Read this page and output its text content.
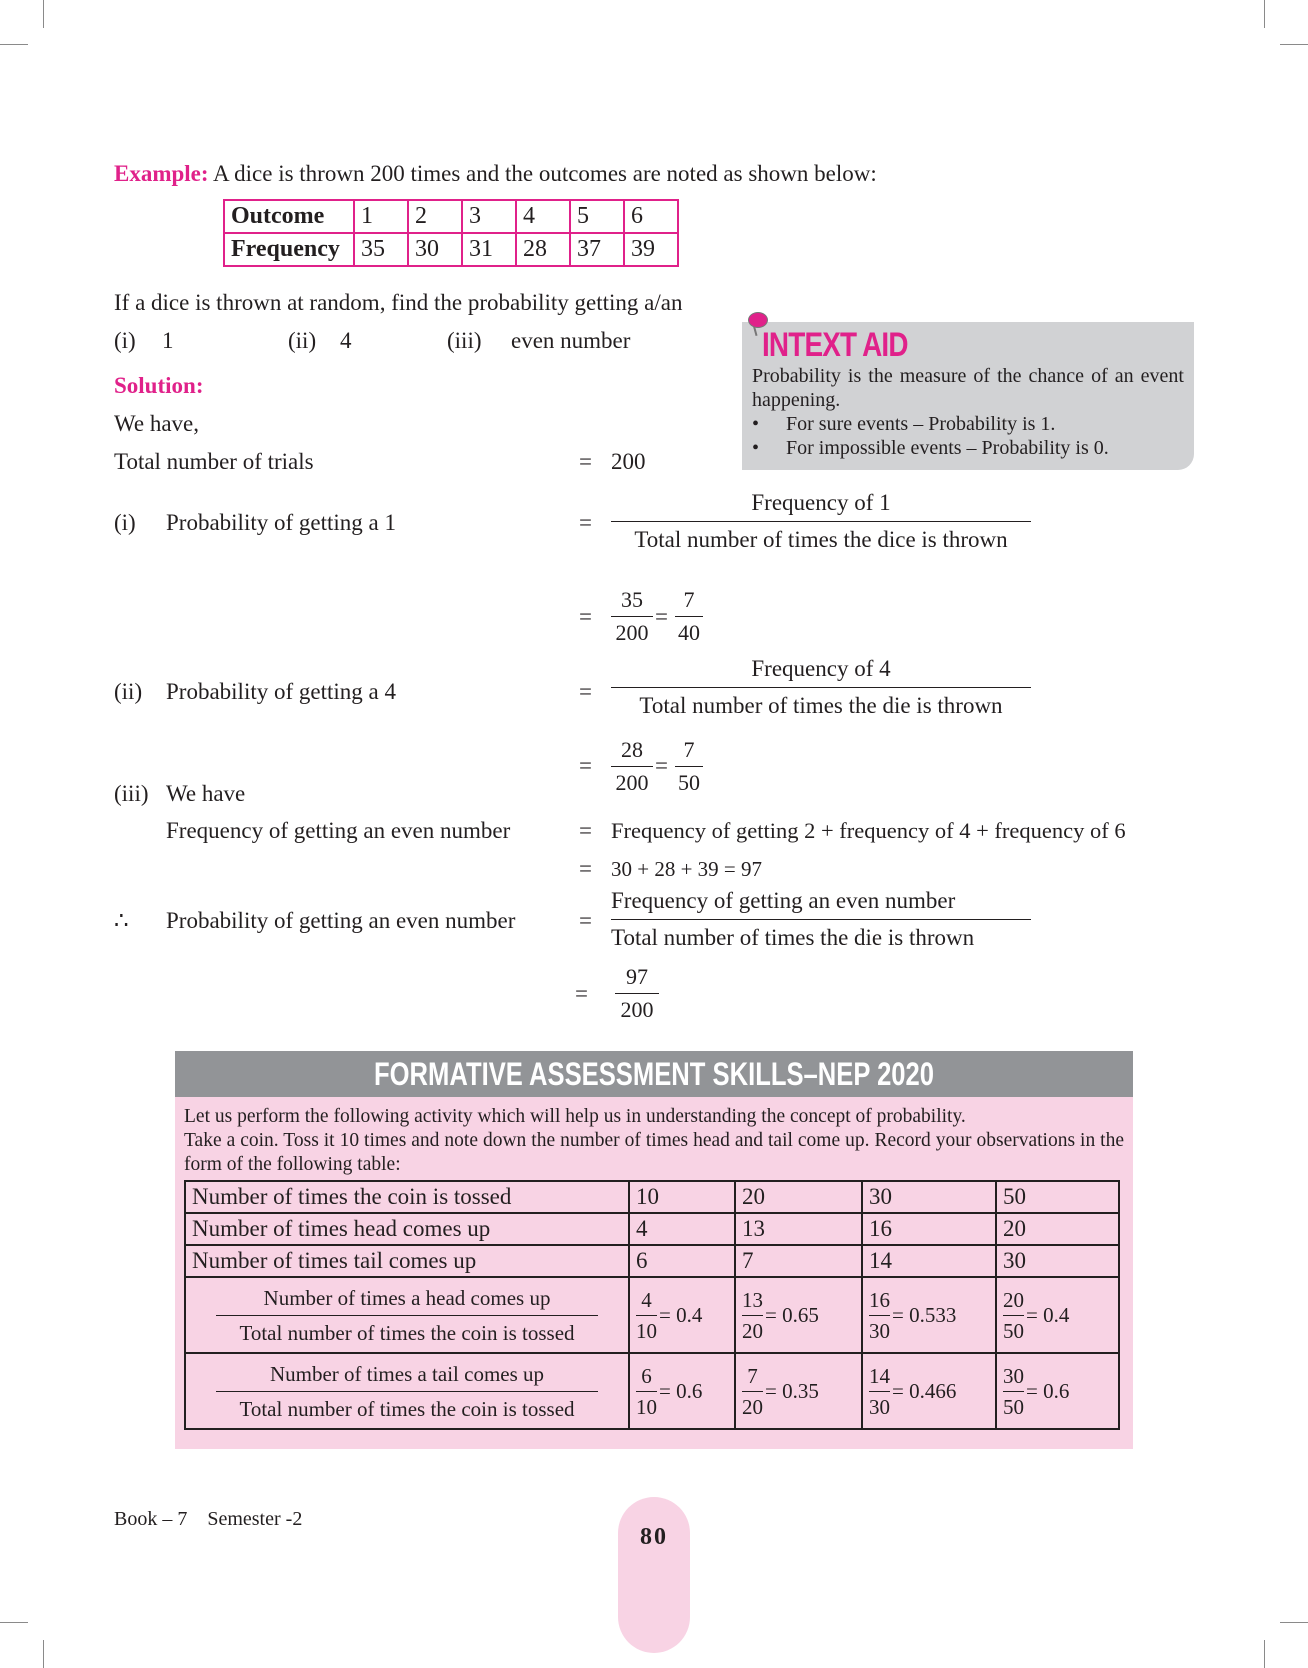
Example: A dice is thrown 200 times and the outcomes are noted as shown below:
Outcome	1	2	3	4	5	6
Frequency	35	30	31	28	37	39
If a dice is thrown at random, find the probability getting a/an
(i) 1	(ii) 4	(iii) even number	INTEXT AID
Probability is the measure of the chance of an event happening.
• For sure events – Probability is 1.
• For impossible events – Probability is 0.
Solution:
We have,
Total number of trials	= 200
(i) Probability of getting a 1	=
Frequency of 1
Total number of times the dice is thrown
=
35
200
=
7
40
(ii) Probability of getting a 4	=
Frequency of 4
Total number of times the die is thrown
=
28
200
=
7
50
(iii) We have
Frequency of getting an even number	= Frequency of getting 2 + frequency of 4 + frequency of 6
= 30 + 28 + 39 = 97
∴ Probability of getting an even number	=
Frequency of getting an even number
Total number of times the die is thrown
=
97
200
FORMATIVE ASSESSMENT SKILLS–NEP 2020
Let us perform the following activity which will help us in understanding the concept of probability.
Take a coin. Toss it 10 times and note down the number of times head and tail come up. Record your observations in the form of the following table:
Number of times the coin is tossed	10	20	30	50
Number of times head comes up	4	13	16	20
Number of times tail comes up	6	7	14	30

Number of times a head comes up
Total number of times the coin is tossed	$\frac{4}{10} = 0.4$	$\frac{13}{20} = 0.65$	$\frac{16}{30} = 0.533$	$\frac{20}{50} = 0.4$

Number of times a tail comes up
Total number of times the coin is tossed	$\frac{6}{10} = 0.6$	$\frac{7}{20} = 0.35$	$\frac{14}{30} = 0.466$	$\frac{30}{50} = 0.6$
Book – 7 Semester -2
80
